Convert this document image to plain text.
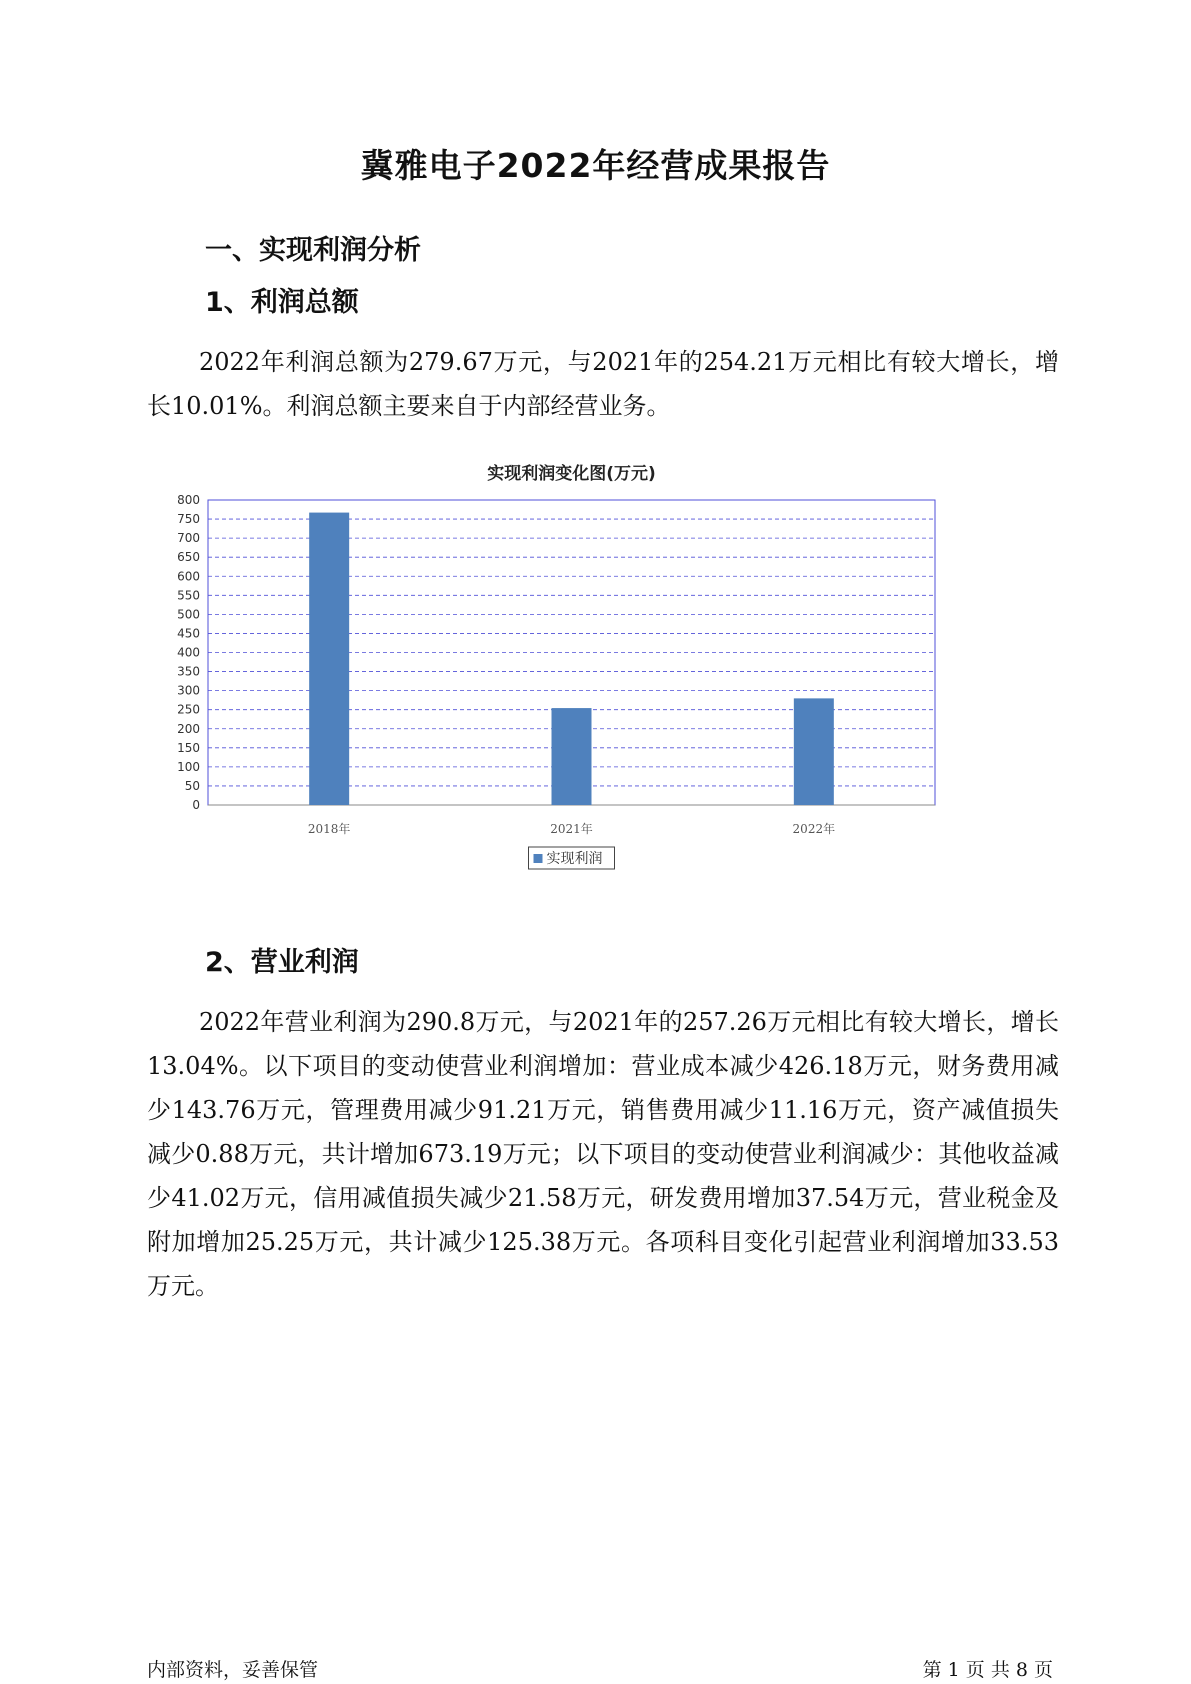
冀雅电子2022年经营成果报告
一、实现利润分析
1、利润总额
2022年利润总额为279.67万元，与2021年的254.21万元相比有较大增长，增长10.01%。利润总额主要来自于内部经营业务。
实现利润变化图(万元)
0
50
100
150
200
250
300
350
400
450
500
550
600
650
700
750
800
2018年	2021年	2022年
实现利润
2、营业利润
2022年营业利润为290.8万元，与2021年的257.26万元相比有较大增长，增长13.04%。以下项目的变动使营业利润增加：营业成本减少426.18万元，财务费用减少143.76万元，管理费用减少91.21万元，销售费用减少11.16万元，资产减值损失减少0.88万元，共计增加673.19万元；以下项目的变动使营业利润减少：其他收益减少41.02万元，信用减值损失减少21.58万元，研发费用增加37.54万元，营业税金及附加增加25.25万元，共计减少125.38万元。各项科目变化引起营业利润增加33.53万元。
内部资料，妥善保管	第 1 页 共 8 页
